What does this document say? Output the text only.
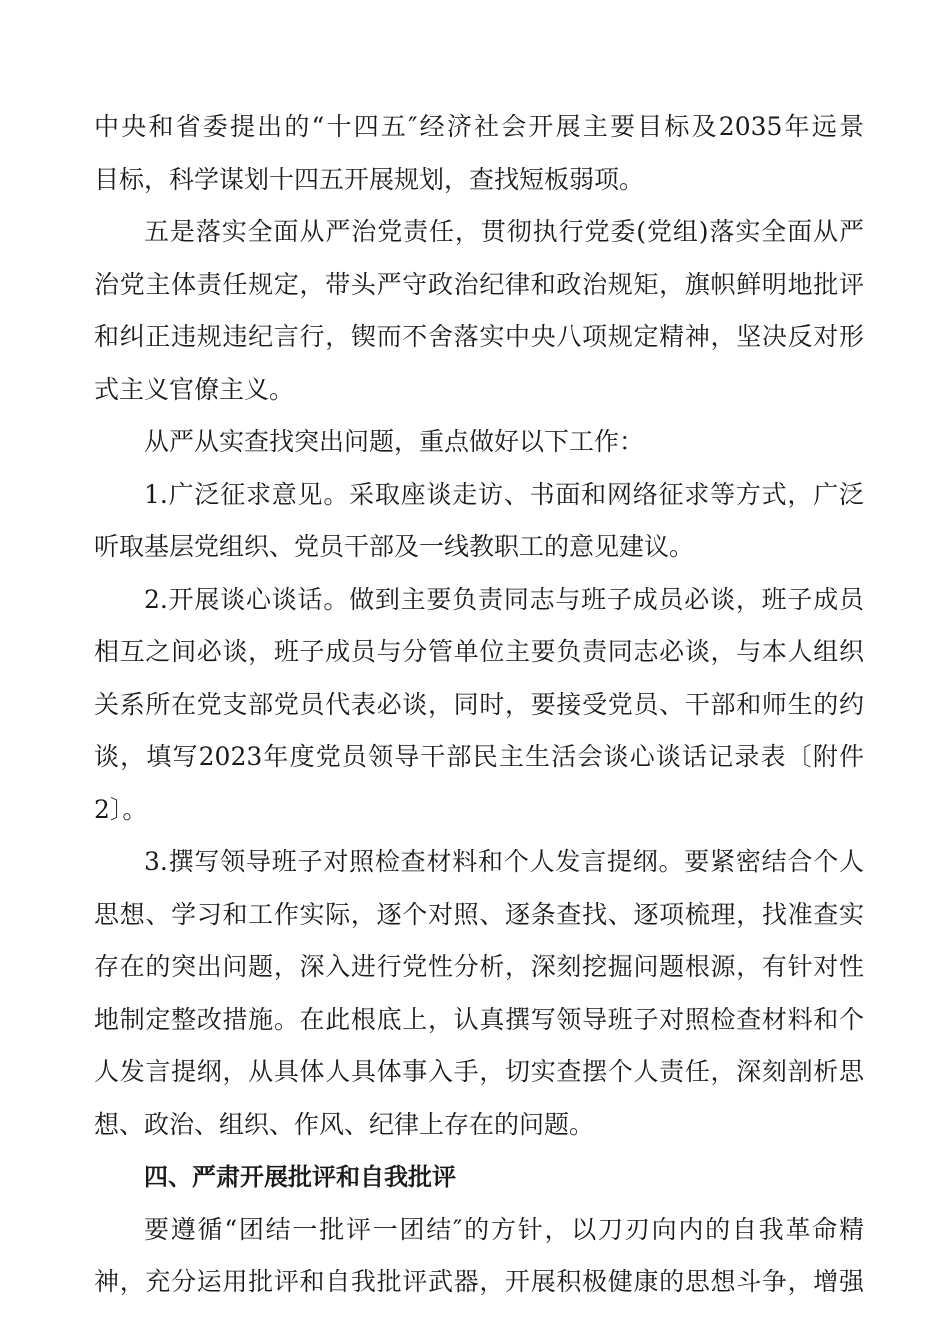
中央和省委提出的“十四五″经济社会开展主要目标及2035年远景
目标，科学谋划十四五开展规划，查找短板弱项。
五是落实全面从严治党责任，贯彻执行党委(党组)落实全面从严
治党主体责任规定，带头严守政治纪律和政治规矩，旗帜鲜明地批评
和纠正违规违纪言行，锲而不舍落实中央八项规定精神，坚决反对形
式主义官僚主义。
从严从实查找突出问题，重点做好以下工作：
1.广泛征求意见。采取座谈走访、书面和网络征求等方式，广泛
听取基层党组织、党员干部及一线教职工的意见建议。
2.开展谈心谈话。做到主要负责同志与班子成员必谈，班子成员
相互之间必谈，班子成员与分管单位主要负责同志必谈，与本人组织
关系所在党支部党员代表必谈，同时，要接受党员、干部和师生的约
谈，填写2023年度党员领导干部民主生活会谈心谈话记录表〔附件
2〕。
3.撰写领导班子对照检查材料和个人发言提纲。要紧密结合个人
思想、学习和工作实际，逐个对照、逐条查找、逐项梳理，找准查实
存在的突出问题，深入进行党性分析，深刻挖掘问题根源，有针对性
地制定整改措施。在此根底上，认真撰写领导班子对照检查材料和个
人发言提纲，从具体人具体事入手，切实查摆个人责任，深刻剖析思
想、政治、组织、作风、纪律上存在的问题。
四、严肃开展批评和自我批评
要遵循“团结一批评一团结″的方针，以刀刃向内的自我革命精
神，充分运用批评和自我批评武器，开展积极健康的思想斗争，增强
